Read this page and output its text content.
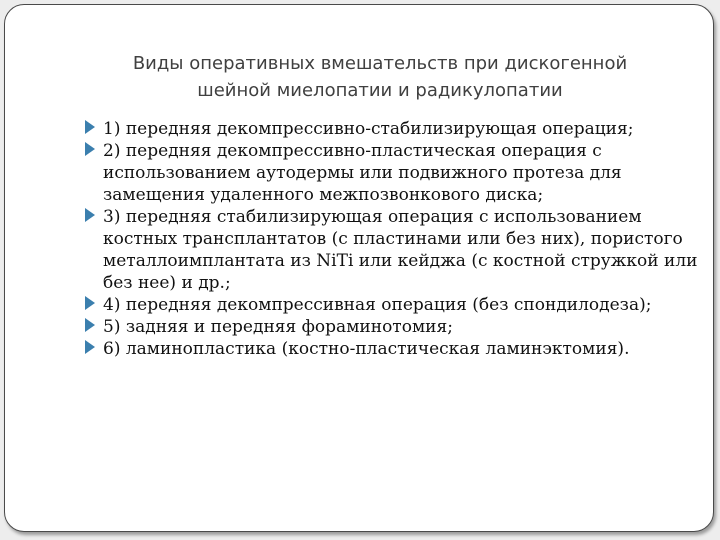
Виды оперативных вмешательств при дискогенной
шейной миелопатии и радикулопатии
1) передняя декомпрессивно-стабилизирующая операция;
2) передняя декомпрессивно-пластическая операция с использованием аутодермы или подвижного протеза для замещения удаленного межпозвонкового диска;
3) передняя стабилизирующая операция с использованием костных трансплантатов (с пластинами или без них), пористого металлоимплантата из NiTi или кейджа (с костной стружкой или без нее) и др.;
4) передняя декомпрессивная операция (без спондилодеза);
5) задняя и передняя фораминотомия;
6) ламинопластика (костно-пластическая ламинэктомия).
